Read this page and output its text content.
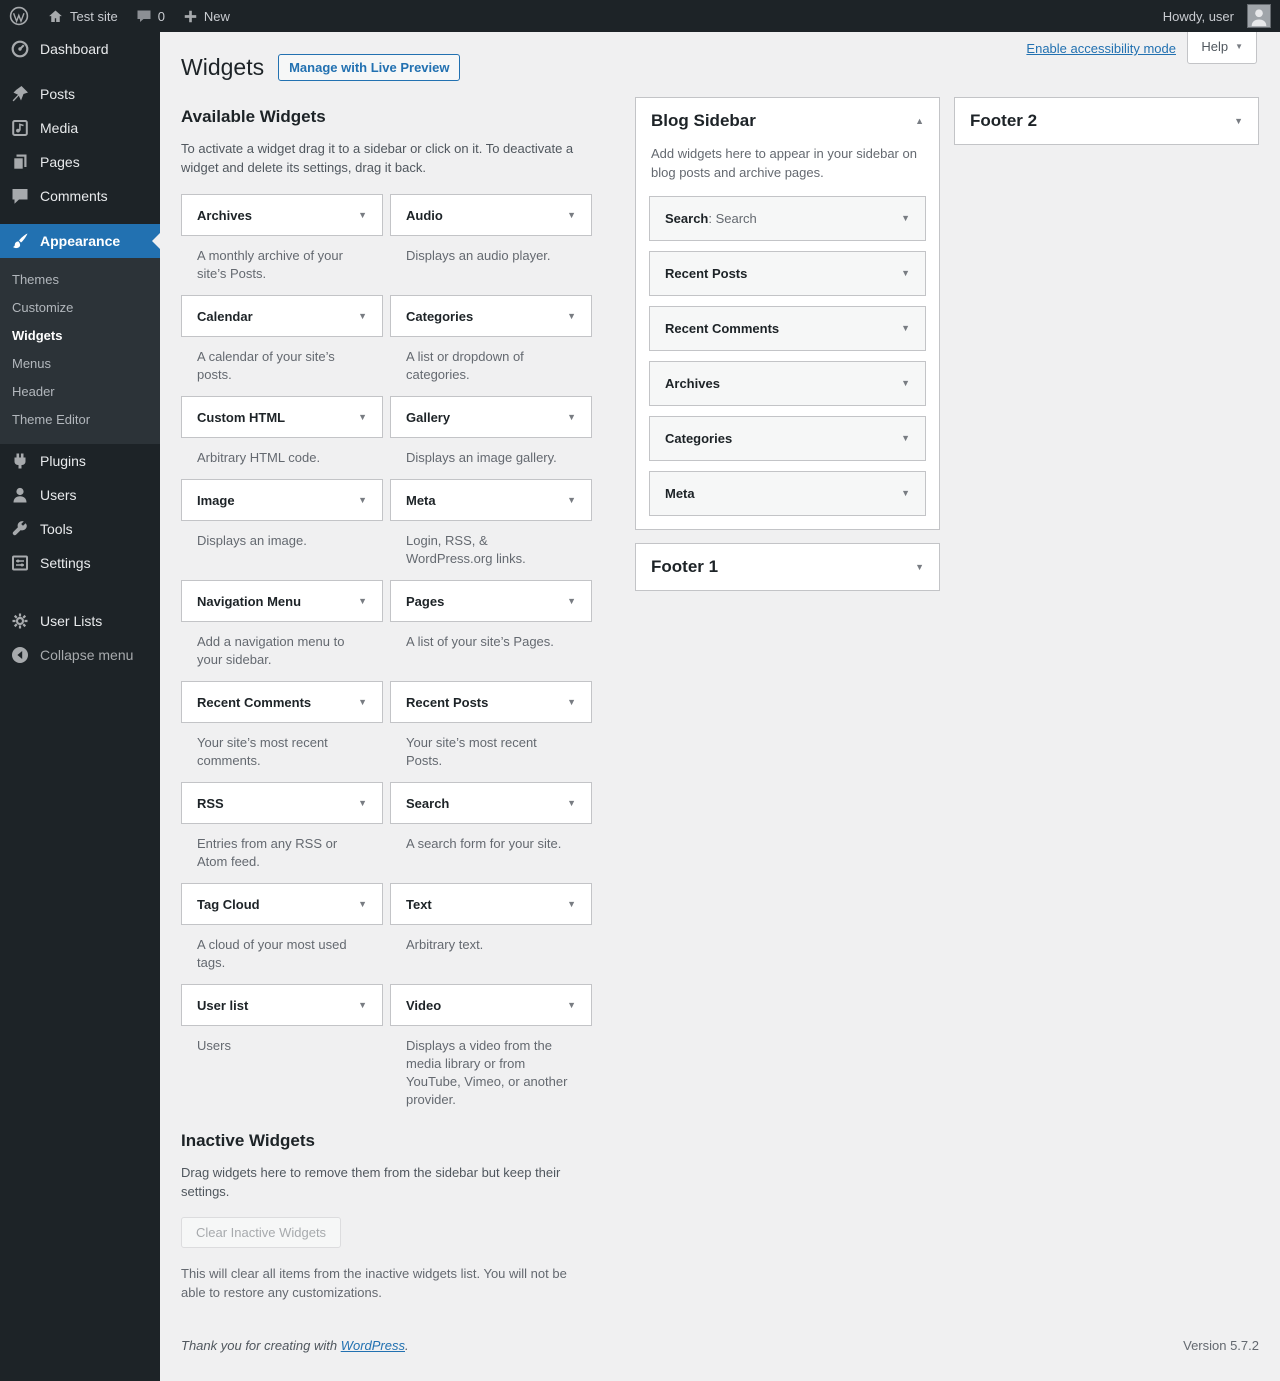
Test site	0	New	Howdy, user
Dashboard
Posts
Media
Pages
Comments
Appearance
Themes
Customize
Widgets
Menus
Header
Theme Editor
Plugins
Users
Tools
Settings
User Lists
Collapse menu
Enable accessibility mode Help ▼
Widgets	Manage with Live Preview
Available Widgets

To activate a widget drag it to a sidebar or click on it. To deactivate a widget and delete its settings, drag it back.

Archives	▼

A monthly archive of your site’s Posts.

Audio	▼

Displays an audio player.

Calendar	▼

A calendar of your site’s posts.

Categories	▼

A list or dropdown of categories.

Custom HTML	▼

Arbitrary HTML code.

Gallery	▼

Displays an image gallery.

Image	▼

Displays an image.

Meta	▼

Login, RSS, & WordPress.org links.

Navigation Menu	▼

Add a navigation menu to your sidebar.

Pages	▼

A list of your site’s Pages.

Recent Comments	▼

Your site’s most recent comments.

Recent Posts	▼

Your site’s most recent Posts.

RSS	▼

Entries from any RSS or Atom feed.

Search	▼

A search form for your site.

Tag Cloud	▼

A cloud of your most used tags.

Text	▼

Arbitrary text.

User list	▼

Users

Video	▼

Displays a video from the media library or from YouTube, Vimeo, or another provider.

Inactive Widgets

Drag widgets here to remove them from the sidebar but keep their settings.

Clear Inactive Widgets

This will clear all items from the inactive widgets list. You will not be able to restore any customizations.

Blog Sidebar	▲

Add widgets here to appear in your sidebar on blog posts and archive pages.

Search: Search	▼
Recent Posts	▼
Recent Comments	▼
Archives	▼
Categories	▼
Meta	▼
Footer 1	▼
Footer 2	▼

Thank you for creating with WordPress.	Version 5.7.2
